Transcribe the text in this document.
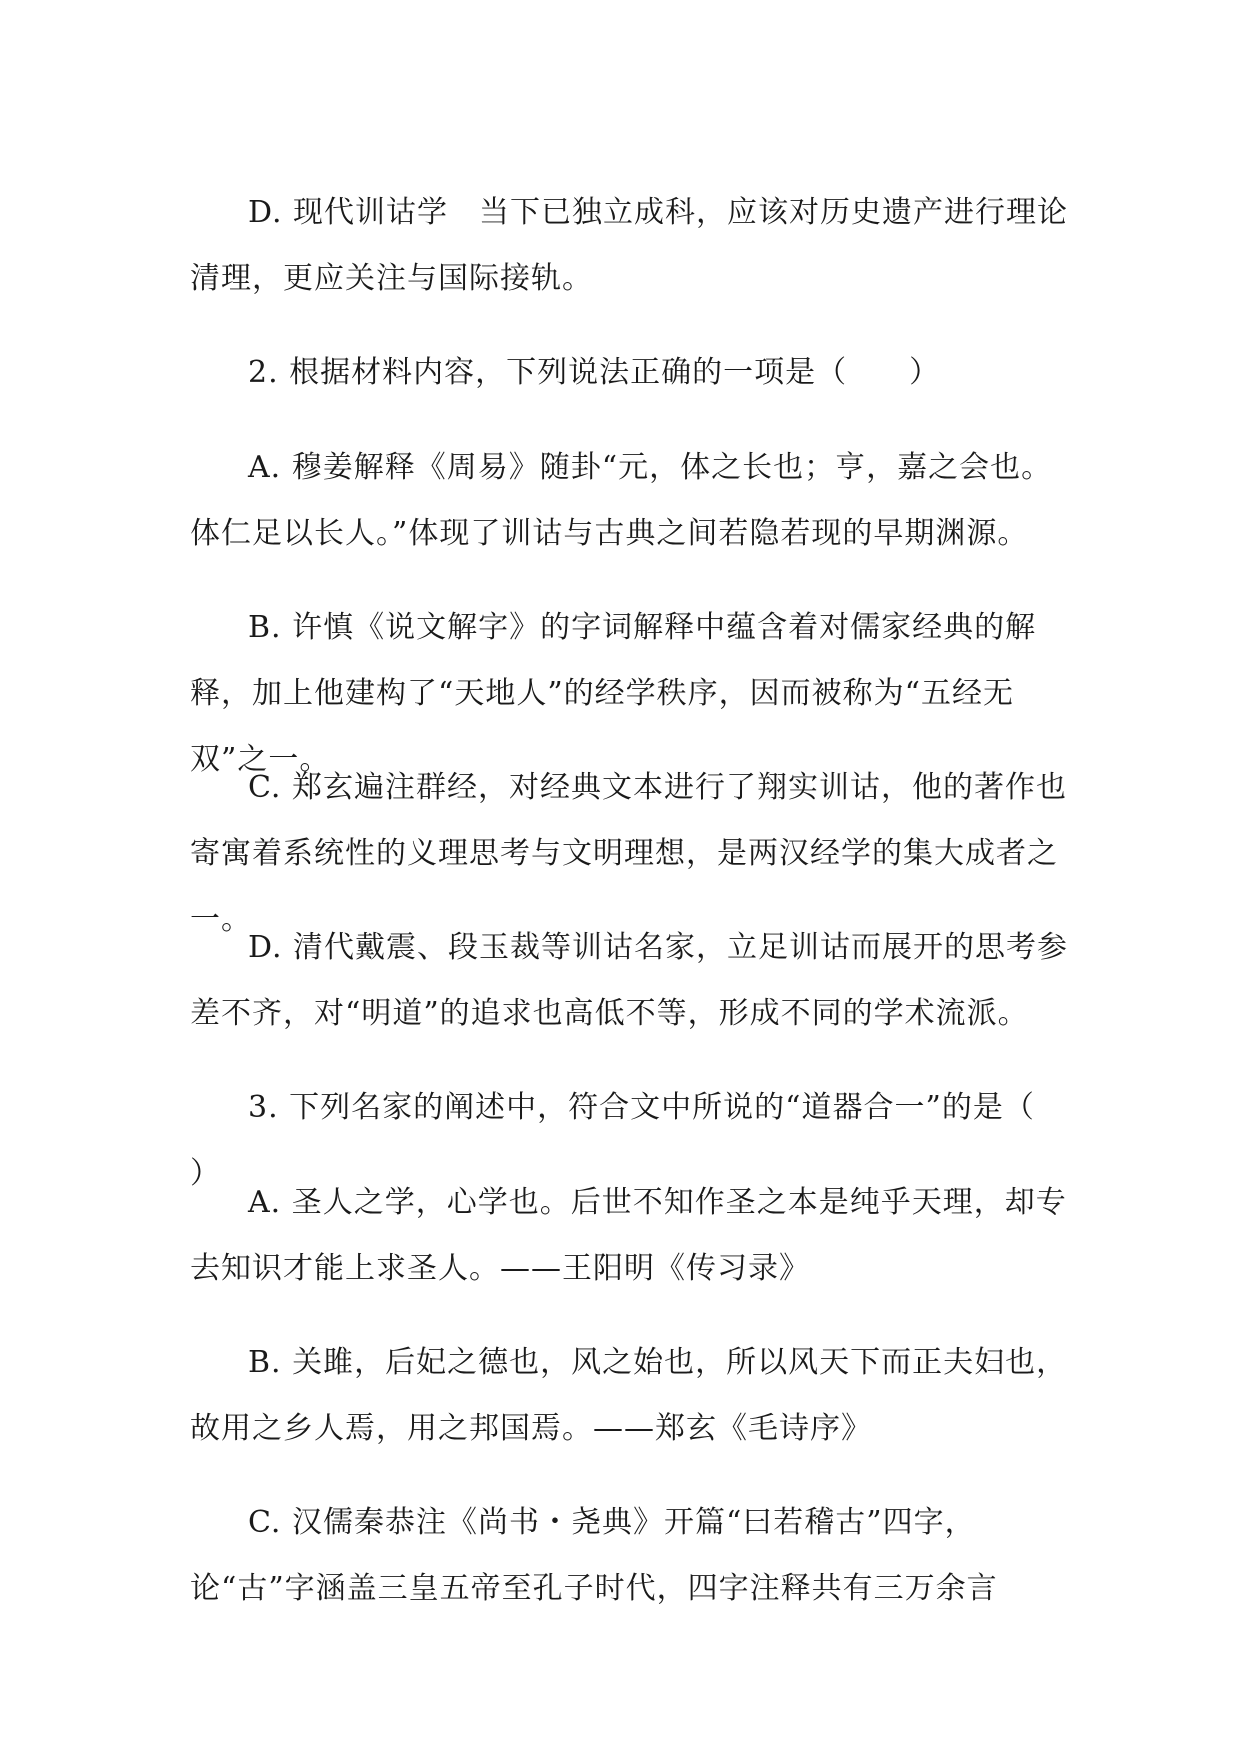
D. 现代训诂学　当下已独立成科，应该对历史遗产进行理论清理，更应关注与国际接轨。

2. 根据材料内容，下列说法正确的一项是（　　）

A. 穆姜解释《周易》随卦“元，体之长也；亨，嘉之会也。体仁足以长人。”体现了训诂与古典之间若隐若现的早期渊源。

B. 许慎《说文解字》的字词解释中蕴含着对儒家经典的解释，加上他建构了“天地人”的经学秩序，因而被称为“五经无双”之一。

C. 郑玄遍注群经，对经典文本进行了翔实训诂，他的著作也寄寓着系统性的义理思考与文明理想，是两汉经学的集大成者之一。

D. 清代戴震、段玉裁等训诂名家，立足训诂而展开的思考参差不齐，对“明道”的追求也高低不等，形成不同的学术流派。

3. 下列名家的阐述中，符合文中所说的“道器合一”的是（　　）

A. 圣人之学，心学也。后世不知作圣之本是纯乎天理，却专去知识才能上求圣人。——王阳明《传习录》

B. 关雎，后妃之德也，风之始也，所以风天下而正夫妇也，故用之乡人焉，用之邦国焉。——郑玄《毛诗序》

C. 汉儒秦恭注《尚书・尧典》开篇“曰若稽古”四字，论“古”字涵盖三皇五帝至孔子时代，四字注释共有三万余言
